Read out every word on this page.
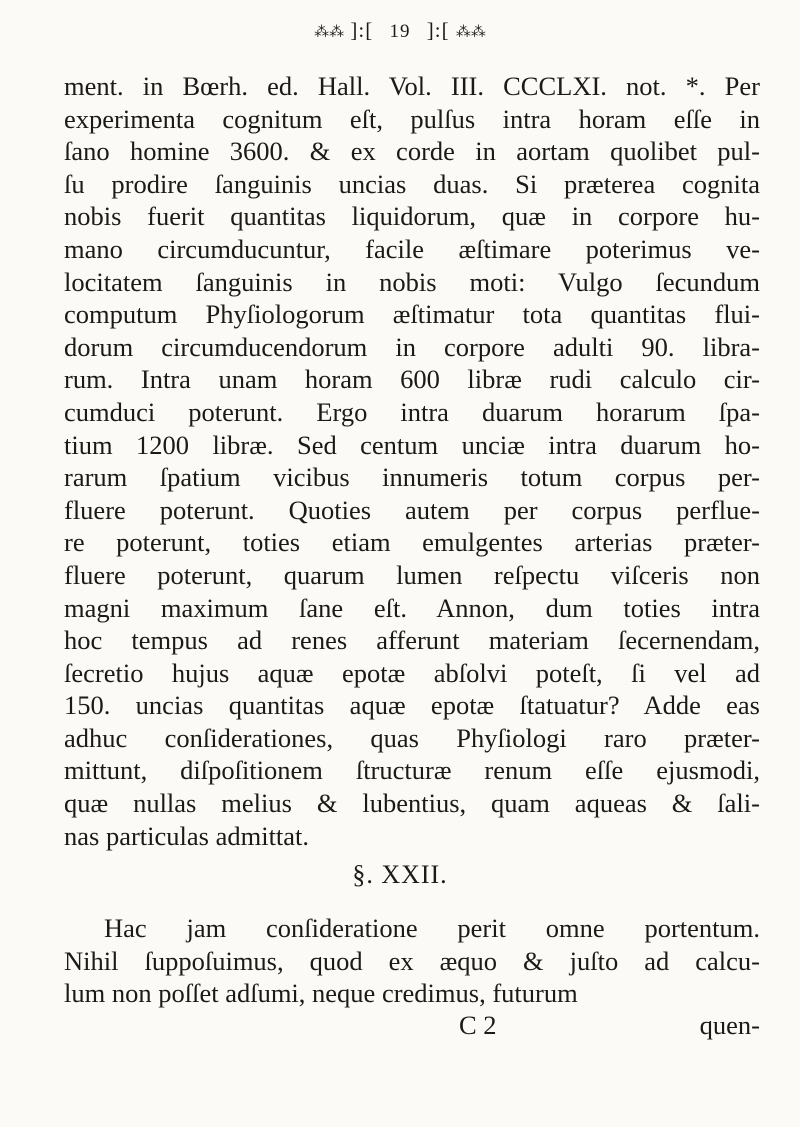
⁂⁂ ]:[ 19 ]:[ ⁂⁂
ment. in Bœrh. ed. Hall. Vol. III. CCCLXI. not. *. Per
experimenta cognitum eſt, pulſus intra horam eſſe in
ſano homine 3600. & ex corde in aortam quolibet pul-
ſu prodire ſanguinis uncias duas. Si præterea cognita
nobis fuerit quantitas liquidorum, quæ in corpore hu-
mano circumducuntur, facile æſtimare poterimus ve-
locitatem ſanguinis in nobis moti: Vulgo ſecundum
computum Phyſiologorum æſtimatur tota quantitas flui-
dorum circumducendorum in corpore adulti 90. libra-
rum. Intra unam horam 600 libræ rudi calculo cir-
cumduci poterunt. Ergo intra duarum horarum ſpa-
tium 1200 libræ. Sed centum unciæ intra duarum ho-
rarum ſpatium vicibus innumeris totum corpus per-
fluere poterunt. Quoties autem per corpus perflue-
re poterunt, toties etiam emulgentes arterias præter-
fluere poterunt, quarum lumen reſpectu viſceris non
magni maximum ſane eſt. Annon, dum toties intra
hoc tempus ad renes afferunt materiam ſecernendam,
ſecretio hujus aquæ epotæ abſolvi poteſt, ſi vel ad
150. uncias quantitas aquæ epotæ ſtatuatur? Adde eas
adhuc conſiderationes, quas Phyſiologi raro præter-
mittunt, diſpoſitionem ſtructuræ renum eſſe ejusmodi,
quæ nullas melius & lubentius, quam aqueas & ſali-
nas particulas admittat.
§. XXII.
Hac jam conſideratione perit omne portentum.
Nihil ſuppoſuimus, quod ex æquo & juſto ad calcu-
lum non poſſet adſumi, neque credimus, futurum
C 2	quen-
